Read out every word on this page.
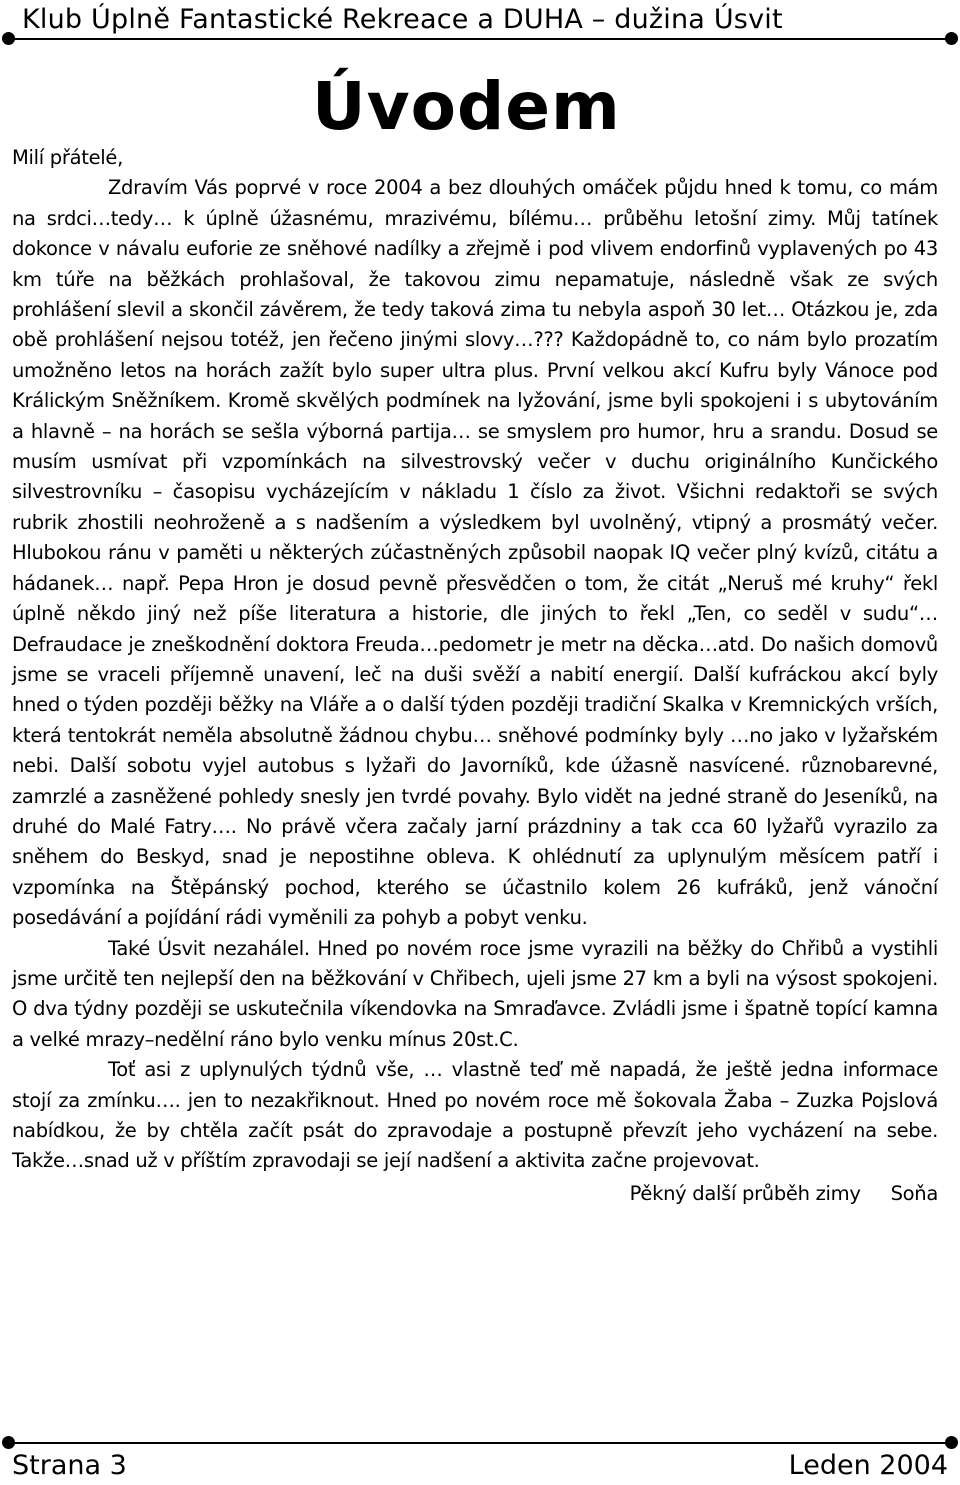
Klub Úplně Fantastické Rekreace a DUHA – dužina Úsvit
Úvodem

Milí přátelé,

Zdravím Vás poprvé v roce 2004 a bez dlouhých omáček půjdu hned k tomu, co mám na srdci…tedy… k úplně úžasnému, mrazivému, bílému… průběhu letošní zimy. Můj tatínek dokonce v návalu euforie ze sněhové nadílky a zřejmě i pod vlivem endorfinů vyplavených po 43 km túře na běžkách prohlašoval, že takovou zimu nepamatuje, následně však ze svých prohlášení slevil a skončil závěrem, že tedy taková zima tu nebyla aspoň 30 let… Otázkou je, zda obě prohlášení nejsou totéž, jen řečeno jinými slovy…??? Každopádně to, co nám bylo prozatím umožněno letos na horách zažít bylo super ultra plus. První velkou akcí Kufru byly Vánoce pod Králickým Sněžníkem. Kromě skvělých podmínek na lyžování, jsme byli spokojeni i s ubytováním a hlavně – na horách se sešla výborná partija… se smyslem pro humor, hru a srandu. Dosud se musím usmívat při vzpomínkách na silvestrovský večer v duchu originálního Kunčického silvestrovníku – časopisu vycházejícím v nákladu 1 číslo za život. Všichni redaktoři se svých rubrik zhostili neohroženě a s nadšením a výsledkem byl uvolněný, vtipný a prosmátý večer. Hlubokou ránu v paměti u některých zúčastněných způsobil naopak IQ večer plný kvízů, citátu a hádanek… např. Pepa Hron je dosud pevně přesvědčen o tom, že citát „Neruš mé kruhy“ řekl úplně někdo jiný než píše literatura a historie, dle jiných to řekl „Ten, co seděl v sudu“… Defraudace je zneškodnění doktora Freuda…pedometr je metr na děcka…atd. Do našich domovů jsme se vraceli příjemně unavení, leč na duši svěží a nabití energií. Další kufráckou akcí byly hned o týden později běžky na Vláře a o další týden později tradiční Skalka v Kremnických vrších, která tentokrát neměla absolutně žádnou chybu… sněhové podmínky byly …no jako v lyžařském nebi. Další sobotu vyjel autobus s lyžaři do Javorníků, kde úžasně nasvícené. různobarevné, zamrzlé a zasněžené pohledy snesly jen tvrdé povahy. Bylo vidět na jedné straně do Jeseníků, na druhé do Malé Fatry…. No právě včera začaly jarní prázdniny a tak cca 60 lyžařů vyrazilo za sněhem do Beskyd, snad je nepostihne obleva. K ohlédnutí za uplynulým měsícem patří i vzpomínka na Štěpánský pochod, kterého se účastnilo kolem 26 kufráků, jenž vánoční posedávání a pojídání rádi vyměnili za pohyb a pobyt venku.

Také Úsvit nezahálel. Hned po novém roce jsme vyrazili na běžky do Chřibů a vystihli jsme určitě ten nejlepší den na běžkování v Chřibech, ujeli jsme 27 km a byli na výsost spokojeni. O dva týdny později se uskutečnila víkendovka na Smraďavce. Zvládli jsme i špatně topící kamna a velké mrazy–nedělní ráno bylo venku mínus 20st.C.

Toť asi z uplynulých týdnů vše, … vlastně teď mě napadá, že ještě jedna informace stojí za zmínku…. jen to nezakřiknout. Hned po novém roce mě šokovala Žaba – Zuzka Pojslová nabídkou, že by chtěla začít psát do zpravodaje a postupně převzít jeho vycházení na sebe. Takže…snad už v příštím zpravodaji se její nadšení a aktivita začne projevovat.

Pěkný další průběh zimy Soňa

Strana 3	Leden 2004
